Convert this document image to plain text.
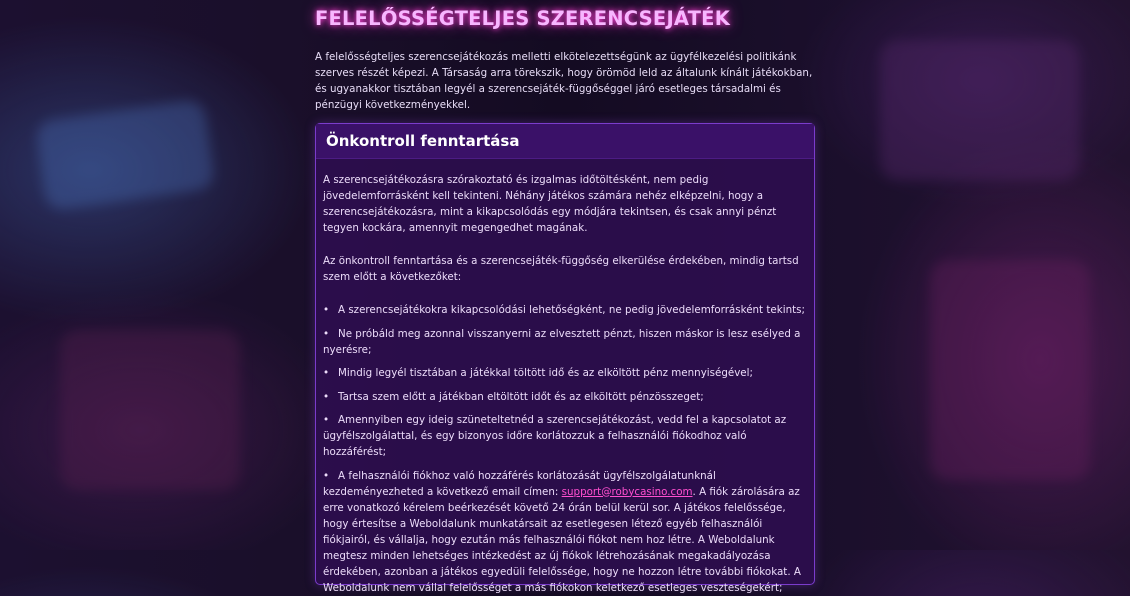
FELELŐSSÉGTELJES SZERENCSEJÁTÉK

A felelősségteljes szerencsejátékozás melletti elkötelezettségünk az ügyfélkezelési politikánk szerves részét képezi. A Társaság arra törekszik, hogy örömöd leld az általunk kínált játékokban, és ugyanakkor tisztában legyél a szerencsejáték-függőséggel járó esetleges társadalmi és pénzügyi következményekkel.

Önkontroll fenntartása

A szerencsejátékozásra szórakoztató és izgalmas időtöltésként, nem pedig jövedelemforrásként kell tekinteni. Néhány játékos számára nehéz elképzelni, hogy a szerencsejátékozásra, mint a kikapcsolódás egy módjára tekintsen, és csak annyi pénzt tegyen kockára, amennyit megengedhet magának.

Az önkontroll fenntartása és a szerencsejáték-függőség elkerülése érdekében, mindig tartsd szem előtt a következőket:

• A szerencsejátékokra kikapcsolódási lehetőségként, ne pedig jövedelemforrásként tekints;
• Ne próbáld meg azonnal visszanyerni az elvesztett pénzt, hiszen máskor is lesz esélyed a nyerésre;
• Mindig legyél tisztában a játékkal töltött idő és az elköltött pénz mennyiségével;
• Tartsa szem előtt a játékban eltöltött időt és az elköltött pénzösszeget;
• Amennyiben egy ideig szüneteltetnéd a szerencsejátékozást, vedd fel a kapcsolatot az ügyfélszolgálattal, és egy bizonyos időre korlátozzuk a felhasználói fiókodhoz való hozzáférést;
• A felhasználói fiókhoz való hozzáférés korlátozását ügyfélszolgálatunknál kezdeményezheted a következő email címen: support@robycasino.com. A fiók zárolására az erre vonatkozó kérelem beérkezését követő 24 órán belül kerül sor. A játékos felelőssége, hogy értesítse a Weboldalunk munkatársait az esetlegesen létező egyéb felhasználói fiókjairól, és vállalja, hogy ezután más felhasználói fiókot nem hoz létre. A Weboldalunk megtesz minden lehetséges intézkedést az új fiókok létrehozásának megakadályozása érdekében, azonban a játékos egyedüli felelőssége, hogy ne hozzon létre további fiókokat. A Weboldalunk nem vállal felelősséget a más fiókokon keletkező esetleges veszteségekért;
